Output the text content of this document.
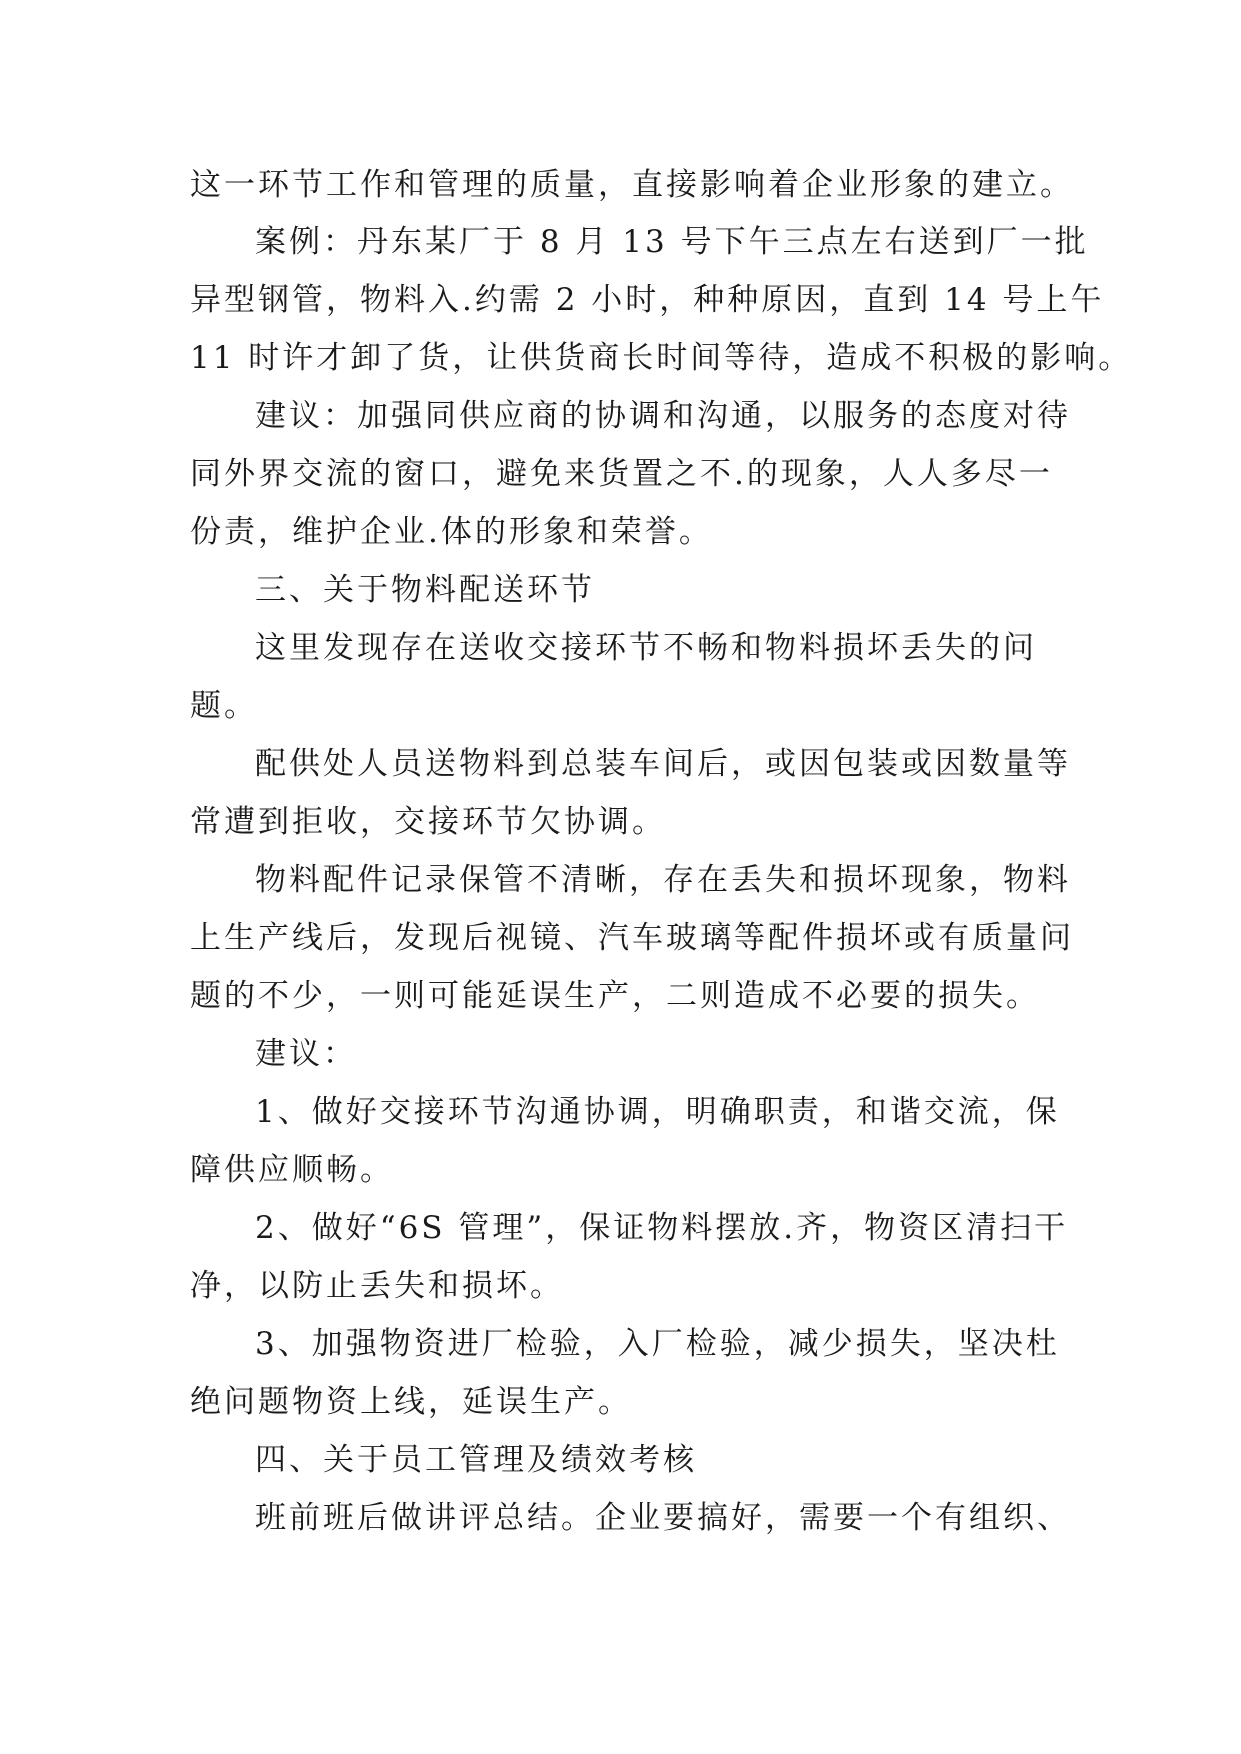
这一环节工作和管理的质量，直接影响着企业形象的建立。
案例：丹东某厂于 8 月 13 号下午三点左右送到厂一批
异型钢管，物料入.约需 2 小时，种种原因，直到 14 号上午
11 时许才卸了货，让供货商长时间等待，造成不积极的影响。
建议：加强同供应商的协调和沟通，以服务的态度对待
同外界交流的窗口，避免来货置之不.的现象，人人多尽一
份责，维护企业.体的形象和荣誉。
三、关于物料配送环节
这里发现存在送收交接环节不畅和物料损坏丢失的问
题。
配供处人员送物料到总装车间后，或因包装或因数量等
常遭到拒收，交接环节欠协调。
物料配件记录保管不清晰，存在丢失和损坏现象，物料
上生产线后，发现后视镜、汽车玻璃等配件损坏或有质量问
题的不少，一则可能延误生产，二则造成不必要的损失。
建议：
1、做好交接环节沟通协调，明确职责，和谐交流，保
障供应顺畅。
2、做好“6S 管理”，保证物料摆放.齐，物资区清扫干
净，以防止丢失和损坏。
3、加强物资进厂检验，入厂检验，减少损失，坚决杜
绝问题物资上线，延误生产。
四、关于员工管理及绩效考核
班前班后做讲评总结。企业要搞好，需要一个有组织、
